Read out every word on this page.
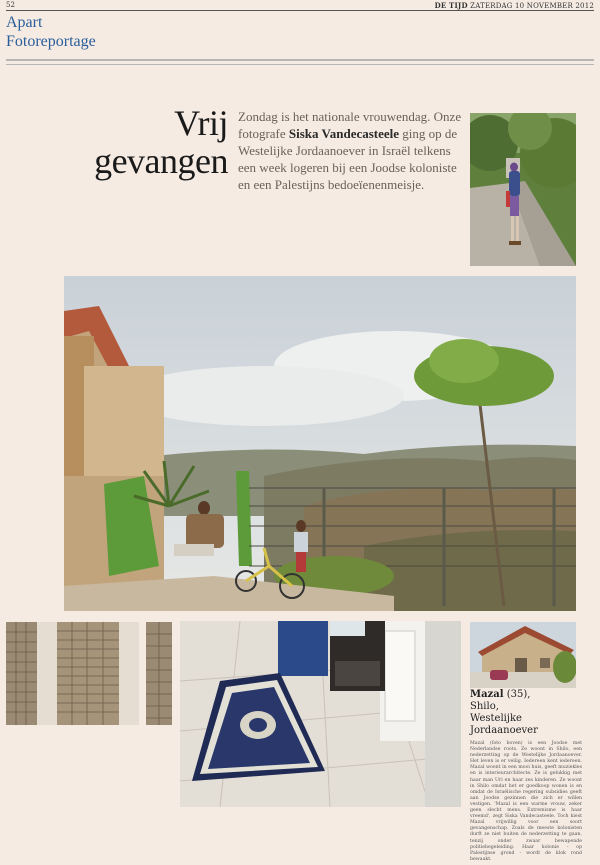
52	DE TIJD ZATERDAG 10 NOVEMBER 2012
Apart
Fotoreportage
Vrij
gevangen
Zondag is het nationale vrouwendag. Onze fotografe Siska Vandecasteele ging op de Westelijke Jordaanoever in Israël telkens een week logeren bij een Joodse koloniste en een Palestijns bedoeïenenmeisje.
Mazal (35),
Shilo,
Westelijke Jordaanoever
Mazal (foto boven) is een Joodse met Nederlandse roots. Ze woont in Shilo, een nederzetting op de Westelijke Jordaanoever. Het leven is er veilig. Iedereen kent iedereen. Mazal woont in een mooi huis, geeft muziekles en is interieurarchitecte. Ze is gelukkig met haar man Uri en haar zes kinderen. Ze woont in Shilo omdat het er goedkoop wonen is en omdat de Israëlische regering subsidies geeft aan Joodse gezinnen die zich er willen vestigen. 'Mazal is een warme vrouw, zeker geen slecht mens. Extremisme is haar vreemd', zegt Siska Vandecasteele. Toch kiest Mazal vrijwillig voor een soort gevangenschap. Zoals de meeste kolonisten durft ze niet buiten de nederzetting te gaan, tenzij onder zwaar bewapende politiebegeleiding. Haar kolonie - op Palestijnse grond - wordt de klok rond bewaakt.
